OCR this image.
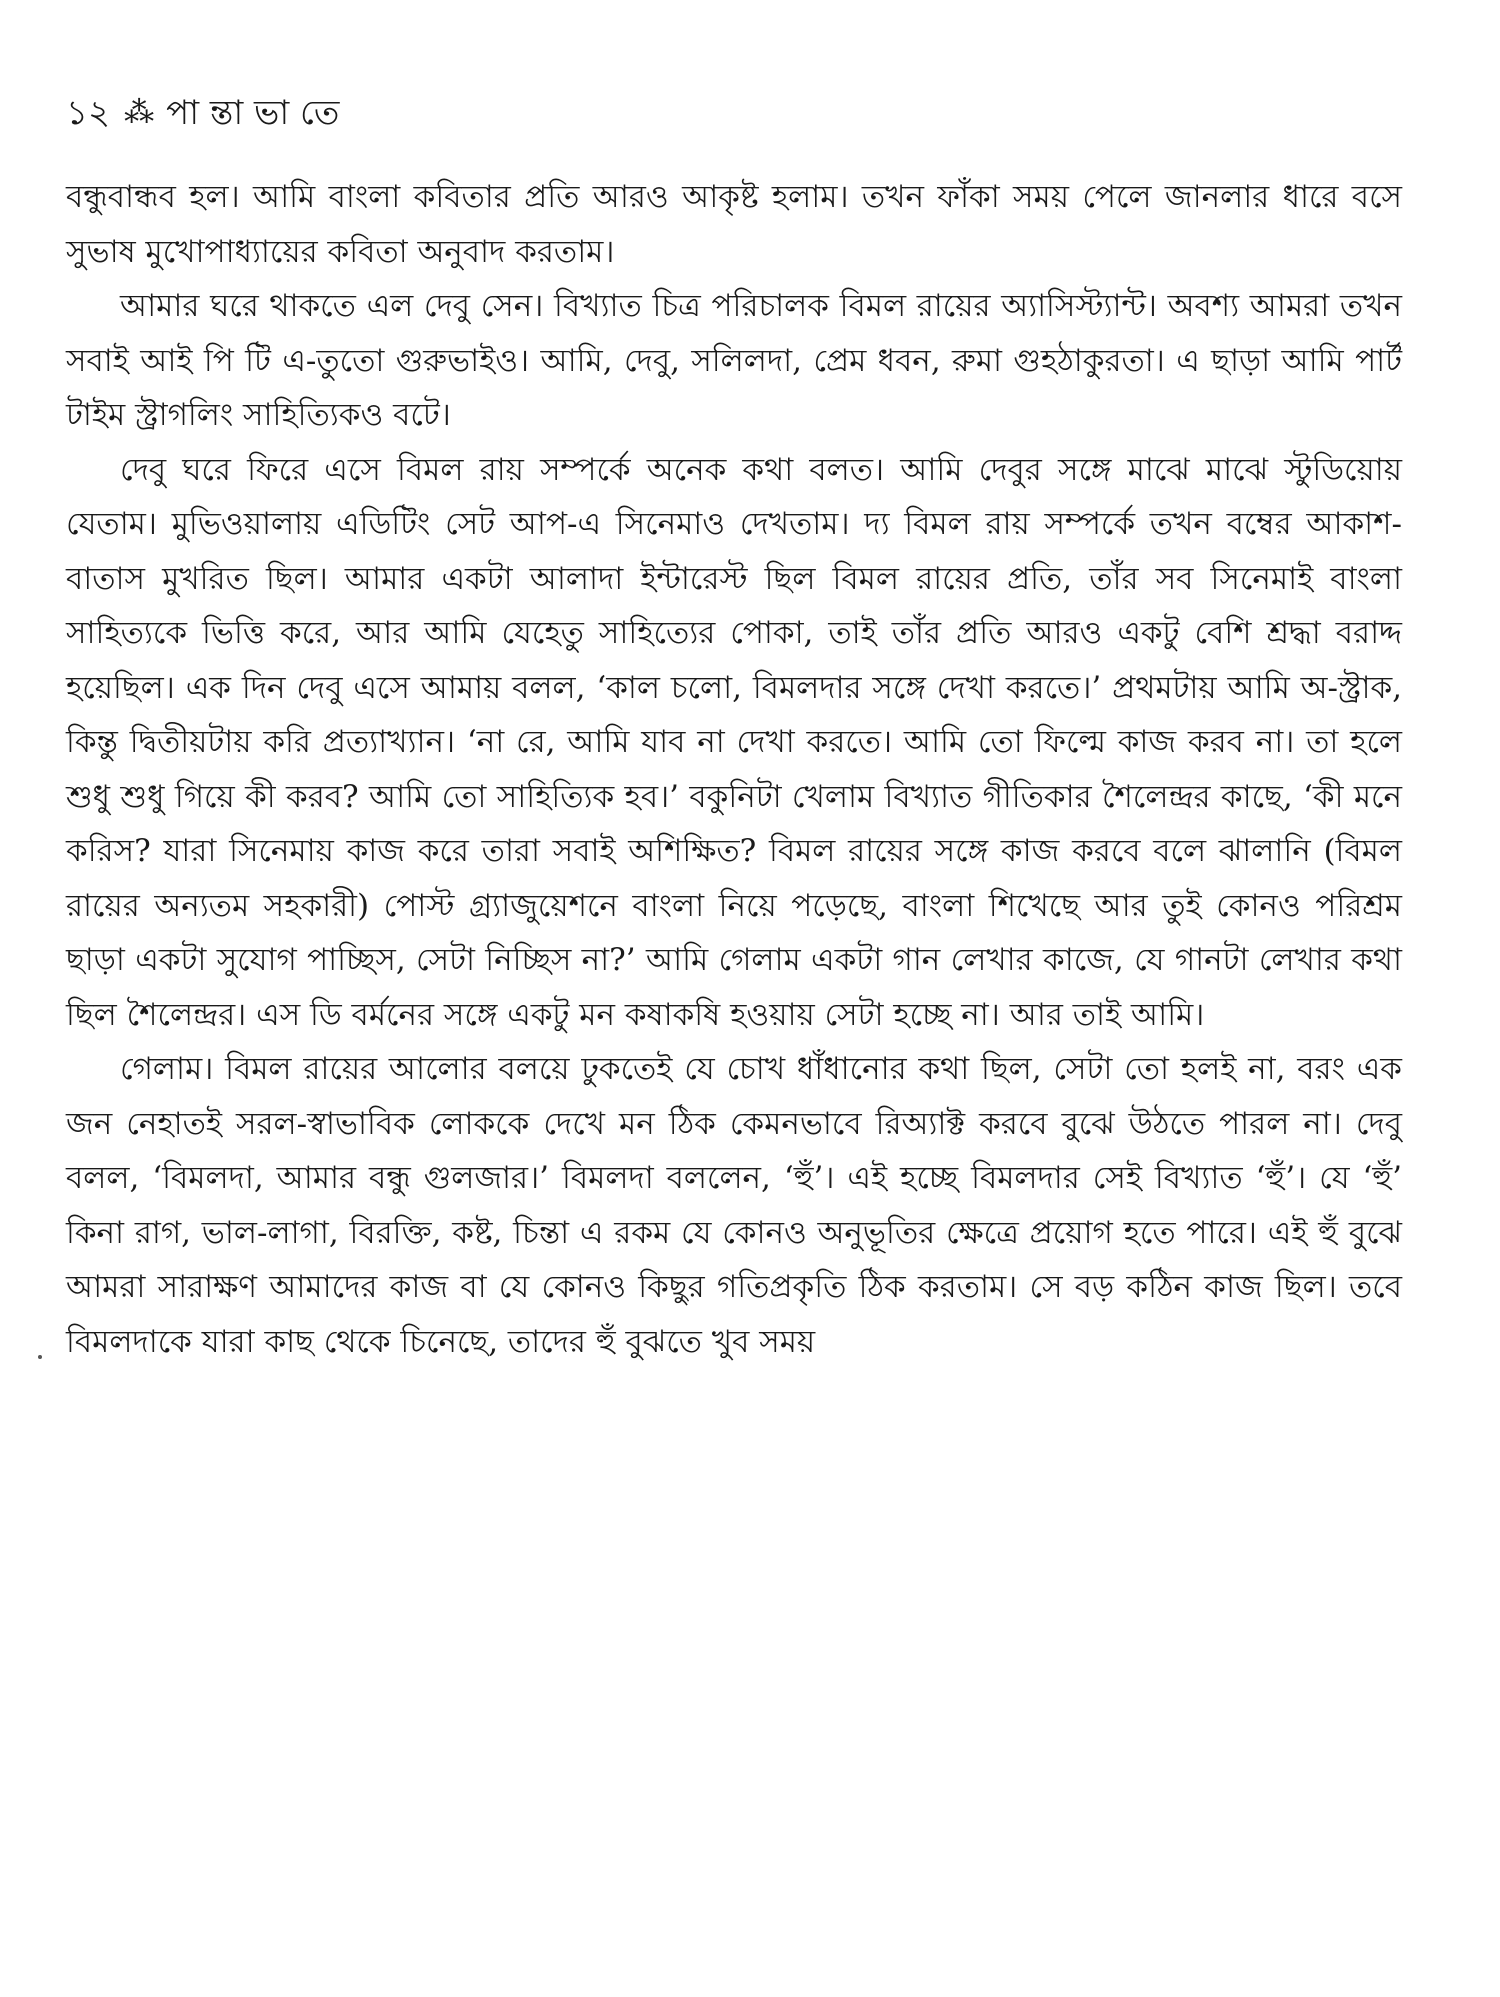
১২ ⁂ পা ন্তা ভা তে

বন্ধুবান্ধব হল। আমি বাংলা কবিতার প্রতি আরও আকৃষ্ট হলাম। তখন ফাঁকা সময় পেলে জানলার ধারে বসে সুভাষ মুখোপাধ্যায়ের কবিতা অনুবাদ করতাম।

আমার ঘরে থাকতে এল দেবু সেন। বিখ্যাত চিত্র পরিচালক বিমল রায়ের অ্যাসিস্ট্যান্ট। অবশ্য আমরা তখন সবাই আই পি টি এ-তুতো গুরুভাইও। আমি, দেবু, সলিলদা, প্রেম ধবন, রুমা গুহঠাকুরতা। এ ছাড়া আমি পার্ট টাইম স্ট্রাগলিং সাহিত্যিকও বটে।

দেবু ঘরে ফিরে এসে বিমল রায় সম্পর্কে অনেক কথা বলত। আমি দেবুর সঙ্গে মাঝে মাঝে স্টুডিয়োয় যেতাম। মুভিওয়ালায় এডিটিং সেট আপ-এ সিনেমাও দেখতাম। দ্য বিমল রায় সম্পর্কে তখন বম্বের আকাশ-বাতাস মুখরিত ছিল। আমার একটা আলাদা ইন্টারেস্ট ছিল বিমল রায়ের প্রতি, তাঁর সব সিনেমাই বাংলা সাহিত্যকে ভিত্তি করে, আর আমি যেহেতু সাহিত্যের পোকা, তাই তাঁর প্রতি আরও একটু বেশি শ্রদ্ধা বরাদ্দ হয়েছিল। এক দিন দেবু এসে আমায় বলল, ‘কাল চলো, বিমলদার সঙ্গে দেখা করতে।’ প্রথমটায় আমি অ-স্ট্রাক, কিন্তু দ্বিতীয়টায় করি প্রত্যাখ্যান। ‘না রে, আমি যাব না দেখা করতে। আমি তো ফিল্মে কাজ করব না। তা হলে শুধু শুধু গিয়ে কী করব? আমি তো সাহিত্যিক হব।’ বকুনিটা খেলাম বিখ্যাত গীতিকার শৈলেন্দ্রর কাছে, ‘কী মনে করিস? যারা সিনেমায় কাজ করে তারা সবাই অশিক্ষিত? বিমল রায়ের সঙ্গে কাজ করবে বলে ঝালানি (বিমল রায়ের অন্যতম সহকারী) পোস্ট গ্র্যাজুয়েশনে বাংলা নিয়ে পড়েছে, বাংলা শিখেছে আর তুই কোনও পরিশ্রম ছাড়া একটা সুযোগ পাচ্ছিস, সেটা নিচ্ছিস না?’ আমি গেলাম একটা গান লেখার কাজে, যে গানটা লেখার কথা ছিল শৈলেন্দ্রর। এস ডি বর্মনের সঙ্গে একটু মন কষাকষি হওয়ায় সেটা হচ্ছে না। আর তাই আমি।

গেলাম। বিমল রায়ের আলোর বলয়ে ঢুকতেই যে চোখ ধাঁধানোর কথা ছিল, সেটা তো হলই না, বরং এক জন নেহাতই সরল-স্বাভাবিক লোককে দেখে মন ঠিক কেমনভাবে রিঅ্যাক্ট করবে বুঝে উঠতে পারল না। দেবু বলল, ‘বিমলদা, আমার বন্ধু গুলজার।’ বিমলদা বললেন, ‘হুঁ’। এই হচ্ছে বিমলদার সেই বিখ্যাত ‘হুঁ’। যে ‘হুঁ’ কিনা রাগ, ভাল-লাগা, বিরক্তি, কষ্ট, চিন্তা এ রকম যে কোনও অনুভূতির ক্ষেত্রে প্রয়োগ হতে পারে। এই হুঁ বুঝে আমরা সারাক্ষণ আমাদের কাজ বা যে কোনও কিছুর গতিপ্রকৃতি ঠিক করতাম। সে বড় কঠিন কাজ ছিল। তবে বিমলদাকে যারা কাছ থেকে চিনেছে, তাদের হুঁ বুঝতে খুব সময়
